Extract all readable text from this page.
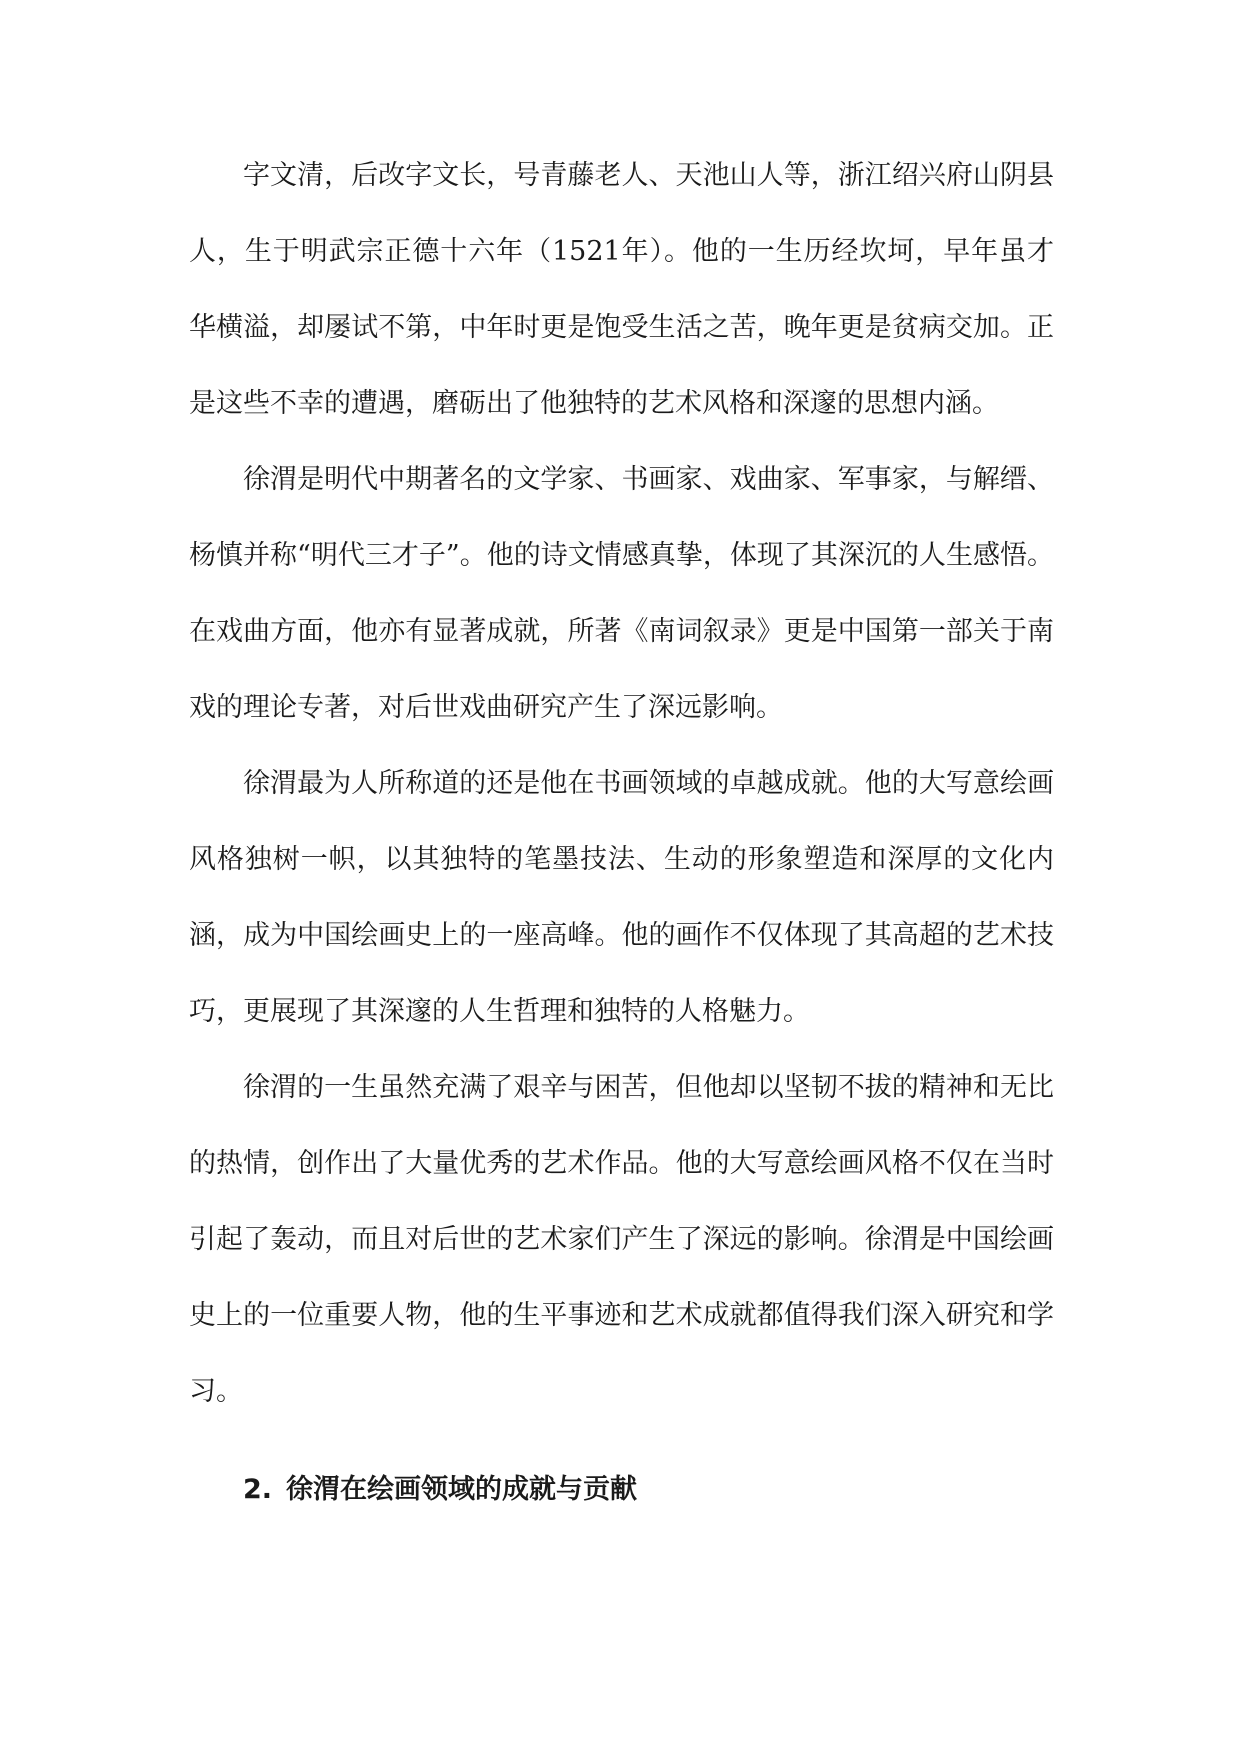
字文清，后改字文长，号青藤老人、天池山人等，浙江绍兴府山阴县人，生于明武宗正德十六年（1521年）。他的一生历经坎坷，早年虽才华横溢，却屡试不第，中年时更是饱受生活之苦，晚年更是贫病交加。正是这些不幸的遭遇，磨砺出了他独特的艺术风格和深邃的思想内涵。

徐渭是明代中期著名的文学家、书画家、戏曲家、军事家，与解缙、杨慎并称“明代三才子”。他的诗文情感真挚，体现了其深沉的人生感悟。在戏曲方面，他亦有显著成就，所著《南词叙录》更是中国第一部关于南戏的理论专著，对后世戏曲研究产生了深远影响。

徐渭最为人所称道的还是他在书画领域的卓越成就。他的大写意绘画风格独树一帜，以其独特的笔墨技法、生动的形象塑造和深厚的文化内涵，成为中国绘画史上的一座高峰。他的画作不仅体现了其高超的艺术技巧，更展现了其深邃的人生哲理和独特的人格魅力。

徐渭的一生虽然充满了艰辛与困苦，但他却以坚韧不拔的精神和无比的热情，创作出了大量优秀的艺术作品。他的大写意绘画风格不仅在当时引起了轰动，而且对后世的艺术家们产生了深远的影响。徐渭是中国绘画史上的一位重要人物，他的生平事迹和艺术成就都值得我们深入研究和学习。

2. 徐渭在绘画领域的成就与贡献
